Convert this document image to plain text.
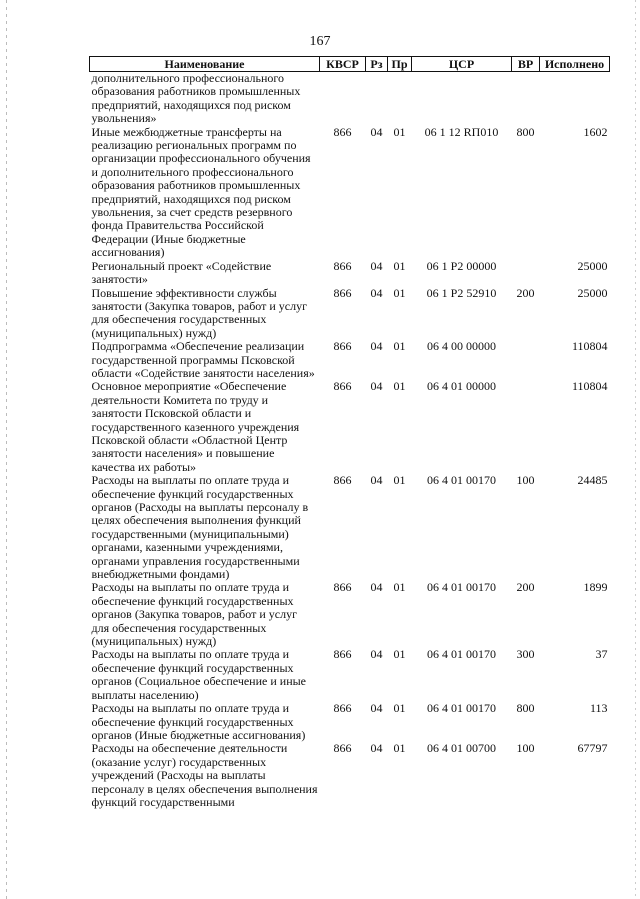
167
Наименование	КВСР	Рз	Пр	ЦСР	ВР	Исполнено
дополнительного профессионального образования работников промышленных предприятий, находящихся под риском увольнения»						
Иные межбюджетные трансферты на реализацию региональных программ по организации профессионального обучения и дополнительного профессионального образования работников промышленных предприятий, находящихся под риском увольнения, за счет средств резервного фонда Правительства Российской Федерации (Иные бюджетные ассигнования)	866	04	01	06 1 12 RП010	800	1602
Региональный проект «Содействие занятости»	866	04	01	06 1 P2 00000		25000
Повышение эффективности службы занятости (Закупка товаров, работ и услуг для обеспечения государственных (муниципальных) нужд)	866	04	01	06 1 P2 52910	200	25000
Подпрограмма «Обеспечение реализации государственной программы Псковской области «Содействие занятости населения»	866	04	01	06 4 00 00000		110804
Основное мероприятие «Обеспечение деятельности Комитета по труду и занятости Псковской области и государственного казенного учреждения Псковской области «Областной Центр занятости населения» и повышение качества их работы»	866	04	01	06 4 01 00000		110804
Расходы на выплаты по оплате труда и обеспечение функций государственных органов (Расходы на выплаты персоналу в целях обеспечения выполнения функций государственными (муниципальными) органами, казенными учреждениями, органами управления государственными внебюджетными фондами)	866	04	01	06 4 01 00170	100	24485
Расходы на выплаты по оплате труда и обеспечение функций государственных органов (Закупка товаров, работ и услуг для обеспечения государственных (муниципальных) нужд)	866	04	01	06 4 01 00170	200	1899
Расходы на выплаты по оплате труда и обеспечение функций государственных органов (Социальное обеспечение и иные выплаты населению)	866	04	01	06 4 01 00170	300	37
Расходы на выплаты по оплате труда и обеспечение функций государственных органов (Иные бюджетные ассигнования)	866	04	01	06 4 01 00170	800	113
Расходы на обеспечение деятельности (оказание услуг) государственных учреждений (Расходы на выплаты персоналу в целях обеспечения выполнения функций государственными	866	04	01	06 4 01 00700	100	67797
